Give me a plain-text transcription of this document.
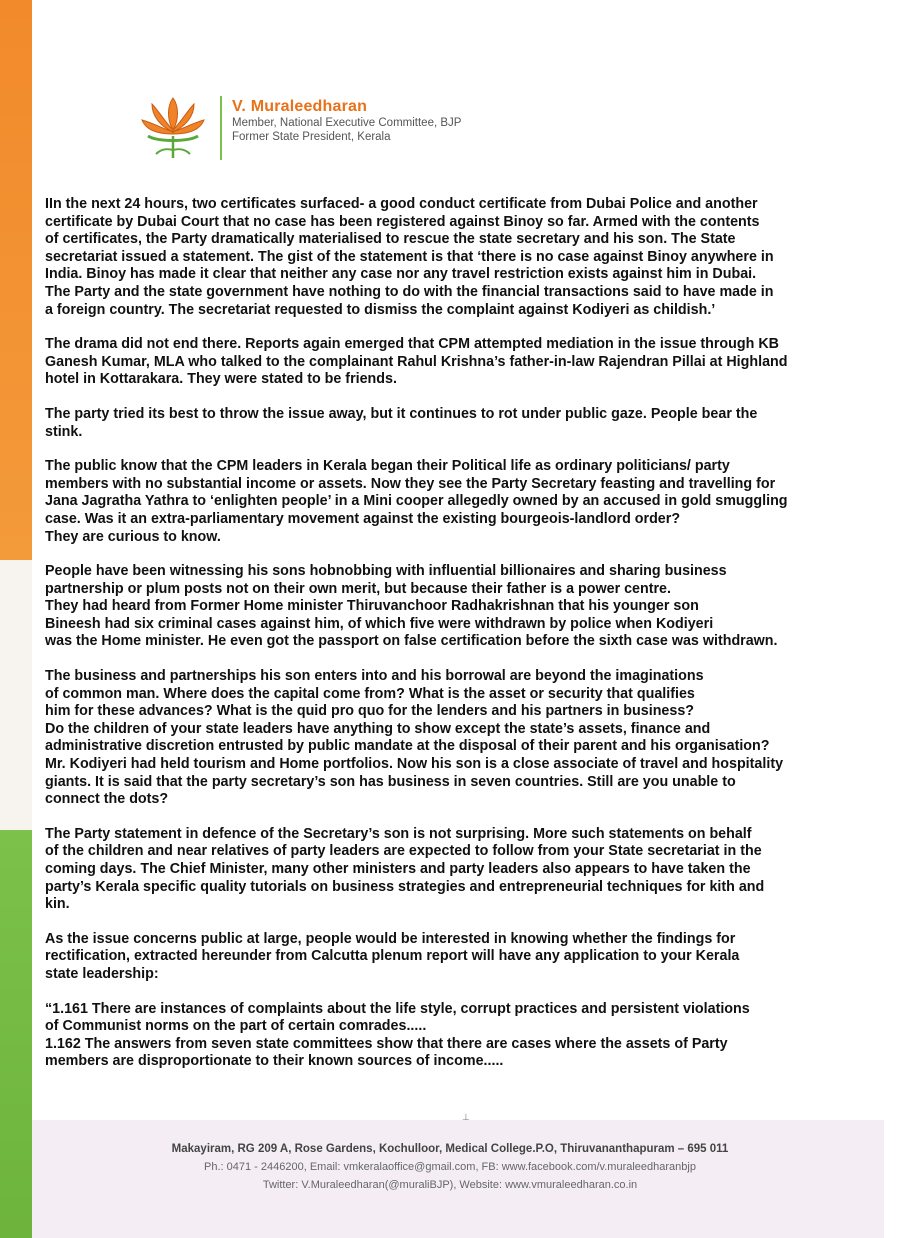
V. Muraleedharan
Member, National Executive Committee, BJP
Former State President, Kerala

IIn the next 24 hours, two certificates surfaced- a good conduct certificate from Dubai Police and another
certificate by Dubai Court that no case has been registered against Binoy so far. Armed with the contents
of certificates, the Party dramatically materialised to rescue the state secretary and his son. The State
secretariat issued a statement. The gist of the statement is that ‘there is no case against Binoy anywhere in
India. Binoy has made it clear that neither any case nor any travel restriction exists against him in Dubai.
The Party and the state government have nothing to do with the financial transactions said to have made in
a foreign country. The secretariat requested to dismiss the complaint against Kodiyeri as childish.’

The drama did not end there. Reports again emerged that CPM attempted mediation in the issue through KB
Ganesh Kumar, MLA who talked to the complainant Rahul Krishna’s father-in-law Rajendran Pillai at Highland
hotel in Kottarakara. They were stated to be friends.

The party tried its best to throw the issue away, but it continues to rot under public gaze. People bear the
stink.

The public know that the CPM leaders in Kerala began their Political life as ordinary politicians/ party
members with no substantial income or assets. Now they see the Party Secretary feasting and travelling for
Jana Jagratha Yathra to ‘enlighten people’ in a Mini cooper allegedly owned by an accused in gold smuggling
case. Was it an extra-parliamentary movement against the existing bourgeois-landlord order?
They are curious to know.

People have been witnessing his sons hobnobbing with influential billionaires and sharing business
partnership or plum posts not on their own merit, but because their father is a power centre.
They had heard from Former Home minister Thiruvanchoor Radhakrishnan that his younger son
Bineesh had six criminal cases against him, of which five were withdrawn by police when Kodiyeri
was the Home minister. He even got the passport on false certification before the sixth case was withdrawn.

The business and partnerships his son enters into and his borrowal are beyond the imaginations
of common man. Where does the capital come from? What is the asset or security that qualifies
him for these advances? What is the quid pro quo for the lenders and his partners in business?
Do the children of your state leaders have anything to show except the state’s assets, finance and
administrative discretion entrusted by public mandate at the disposal of their parent and his organisation?
Mr. Kodiyeri had held tourism and Home portfolios. Now his son is a close associate of travel and hospitality
giants. It is said that the party secretary’s son has business in seven countries. Still are you unable to
connect the dots?

The Party statement in defence of the Secretary’s son is not surprising. More such statements on behalf
of the children and near relatives of party leaders are expected to follow from your State secretariat in the
coming days. The Chief Minister, many other ministers and party leaders also appears to have taken the
party’s Kerala specific quality tutorials on business strategies and entrepreneurial techniques for kith and
kin.

As the issue concerns public at large, people would be interested in knowing whether the findings for
rectification, extracted hereunder from Calcutta plenum report will have any application to your Kerala
state leadership:

“1.161 There are instances of complaints about the life style, corrupt practices and persistent violations
of Communist norms on the part of certain comrades.....
1.162 The answers from seven state committees show that there are cases where the assets of Party
members are disproportionate to their known sources of income.....

⊥
Makayiram, RG 209 A, Rose Gardens, Kochulloor, Medical College.P.O, Thiruvananthapuram – 695 011
Ph.: 0471 - 2446200, Email: vmkeralaoffice@gmail.com, FB: www.facebook.com/v.muraleedharanbjp
Twitter: V.Muraleedharan(@muraliBJP), Website: www.vmuraleedharan.co.in
